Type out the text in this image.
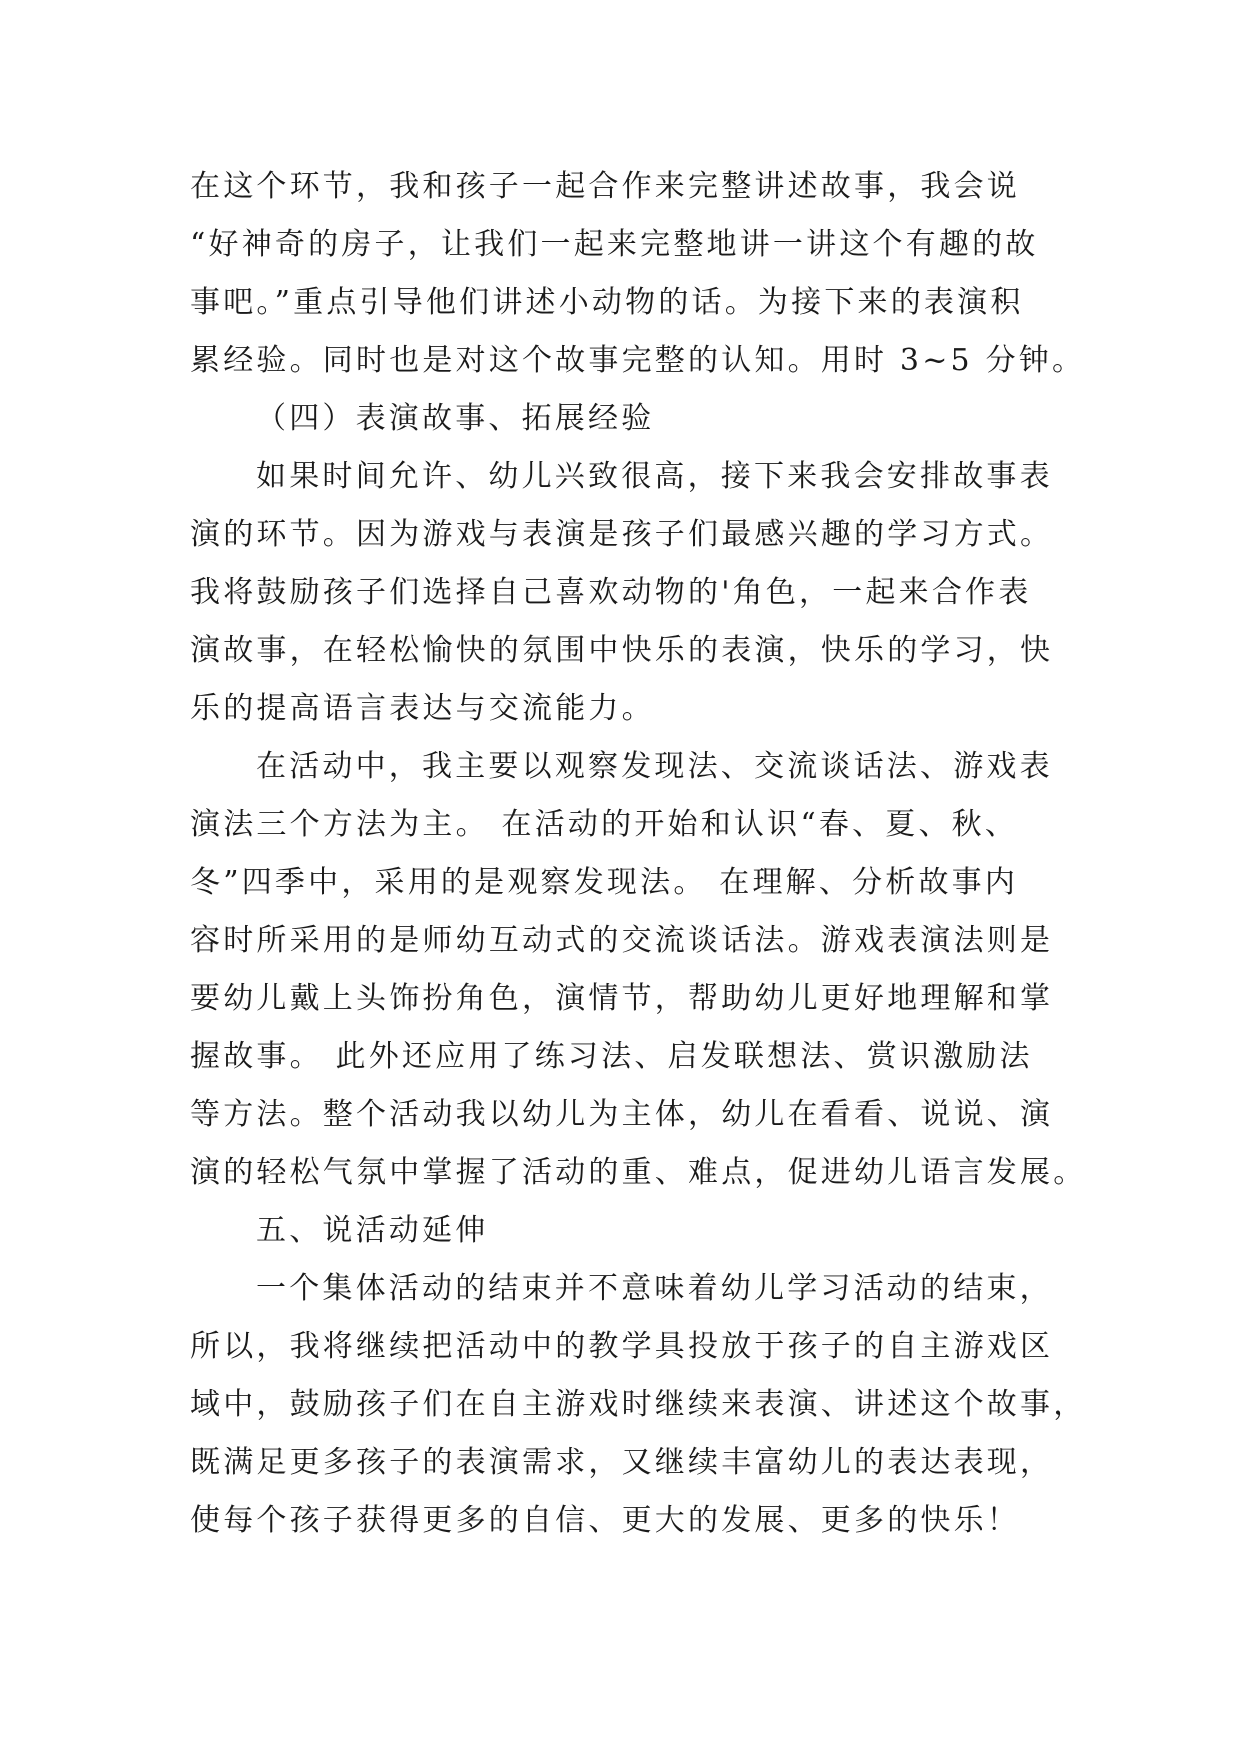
在这个环节，我和孩子一起合作来完整讲述故事，我会说
“好神奇的房子，让我们一起来完整地讲一讲这个有趣的故
事吧。”重点引导他们讲述小动物的话。为接下来的表演积
累经验。同时也是对这个故事完整的认知。用时 3~5 分钟。
（四）表演故事、拓展经验
如果时间允许、幼儿兴致很高，接下来我会安排故事表
演的环节。因为游戏与表演是孩子们最感兴趣的学习方式。
我将鼓励孩子们选择自己喜欢动物的'角色，一起来合作表
演故事，在轻松愉快的氛围中快乐的表演，快乐的学习，快
乐的提高语言表达与交流能力。
在活动中，我主要以观察发现法、交流谈话法、游戏表
演法三个方法为主。 在活动的开始和认识“春、夏、秋、
冬”四季中，采用的是观察发现法。 在理解、分析故事内
容时所采用的是师幼互动式的交流谈话法。游戏表演法则是
要幼儿戴上头饰扮角色，演情节，帮助幼儿更好地理解和掌
握故事。 此外还应用了练习法、启发联想法、赏识激励法
等方法。整个活动我以幼儿为主体，幼儿在看看、说说、演
演的轻松气氛中掌握了活动的重、难点，促进幼儿语言发展。
五、说活动延伸
一个集体活动的结束并不意味着幼儿学习活动的结束，
所以，我将继续把活动中的教学具投放于孩子的自主游戏区
域中，鼓励孩子们在自主游戏时继续来表演、讲述这个故事，
既满足更多孩子的表演需求，又继续丰富幼儿的表达表现，
使每个孩子获得更多的自信、更大的发展、更多的快乐！
